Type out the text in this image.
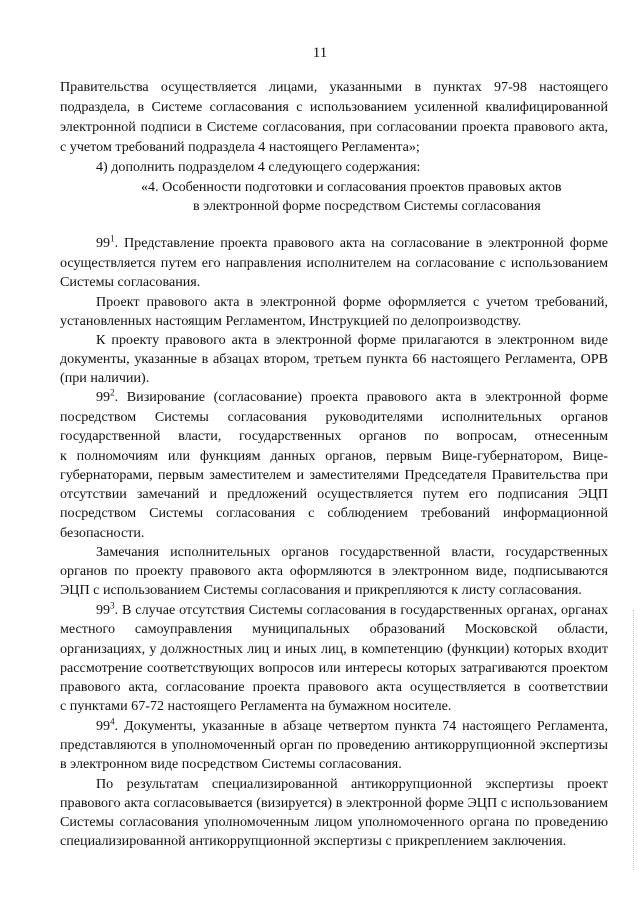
11
Правительства осуществляется лицами, указанными в пунктах 97-98 настоящего
подраздела, в Системе согласования с использованием усиленной квалифицированной
электронной подписи в Системе согласования, при согласовании проекта правового акта,
с учетом требований подраздела 4 настоящего Регламента»;
4) дополнить подразделом 4 следующего содержания:
«4. Особенности подготовки и согласования проектов правовых актов
в электронной форме посредством Системы согласования
$99^1$. Представление проекта правового акта на согласование в электронной форме
осуществляется путем его направления исполнителем на согласование с использованием
Системы согласования.
Проект правового акта в электронной форме оформляется с учетом требований,
установленных настоящим Регламентом, Инструкцией по делопроизводству.
К проекту правового акта в электронной форме прилагаются в электронном виде
документы, указанные в абзацах втором, третьем пункта 66 настоящего Регламента, ОРВ
(при наличии).
$99^2$. Визирование (согласование) проекта правового акта в электронной форме
посредством Системы согласования руководителями исполнительных органов
государственной власти, государственных органов по вопросам, отнесенным
к полномочиям или функциям данных органов, первым Вице-губернатором, Вице-
губернаторами, первым заместителем и заместителями Председателя Правительства при
отсутствии замечаний и предложений осуществляется путем его подписания ЭЦП
посредством Системы согласования с соблюдением требований информационной
безопасности.
Замечания исполнительных органов государственной власти, государственных
органов по проекту правового акта оформляются в электронном виде, подписываются
ЭЦП с использованием Системы согласования и прикрепляются к листу согласования.
$99^3$. В случае отсутствия Системы согласования в государственных органах, органах
местного самоуправления муниципальных образований Московской области,
организациях, у должностных лиц и иных лиц, в компетенцию (функции) которых входит
рассмотрение соответствующих вопросов или интересы которых затрагиваются проектом
правового акта, согласование проекта правового акта осуществляется в соответствии
с пунктами 67-72 настоящего Регламента на бумажном носителе.
$99^4$. Документы, указанные в абзаце четвертом пункта 74 настоящего Регламента,
представляются в уполномоченный орган по проведению антикоррупционной экспертизы
в электронном виде посредством Системы согласования.
По результатам специализированной антикоррупционной экспертизы проект
правового акта согласовывается (визируется) в электронной форме ЭЦП с использованием
Системы согласования уполномоченным лицом уполномоченного органа по проведению
специализированной антикоррупционной экспертизы с прикреплением заключения.
